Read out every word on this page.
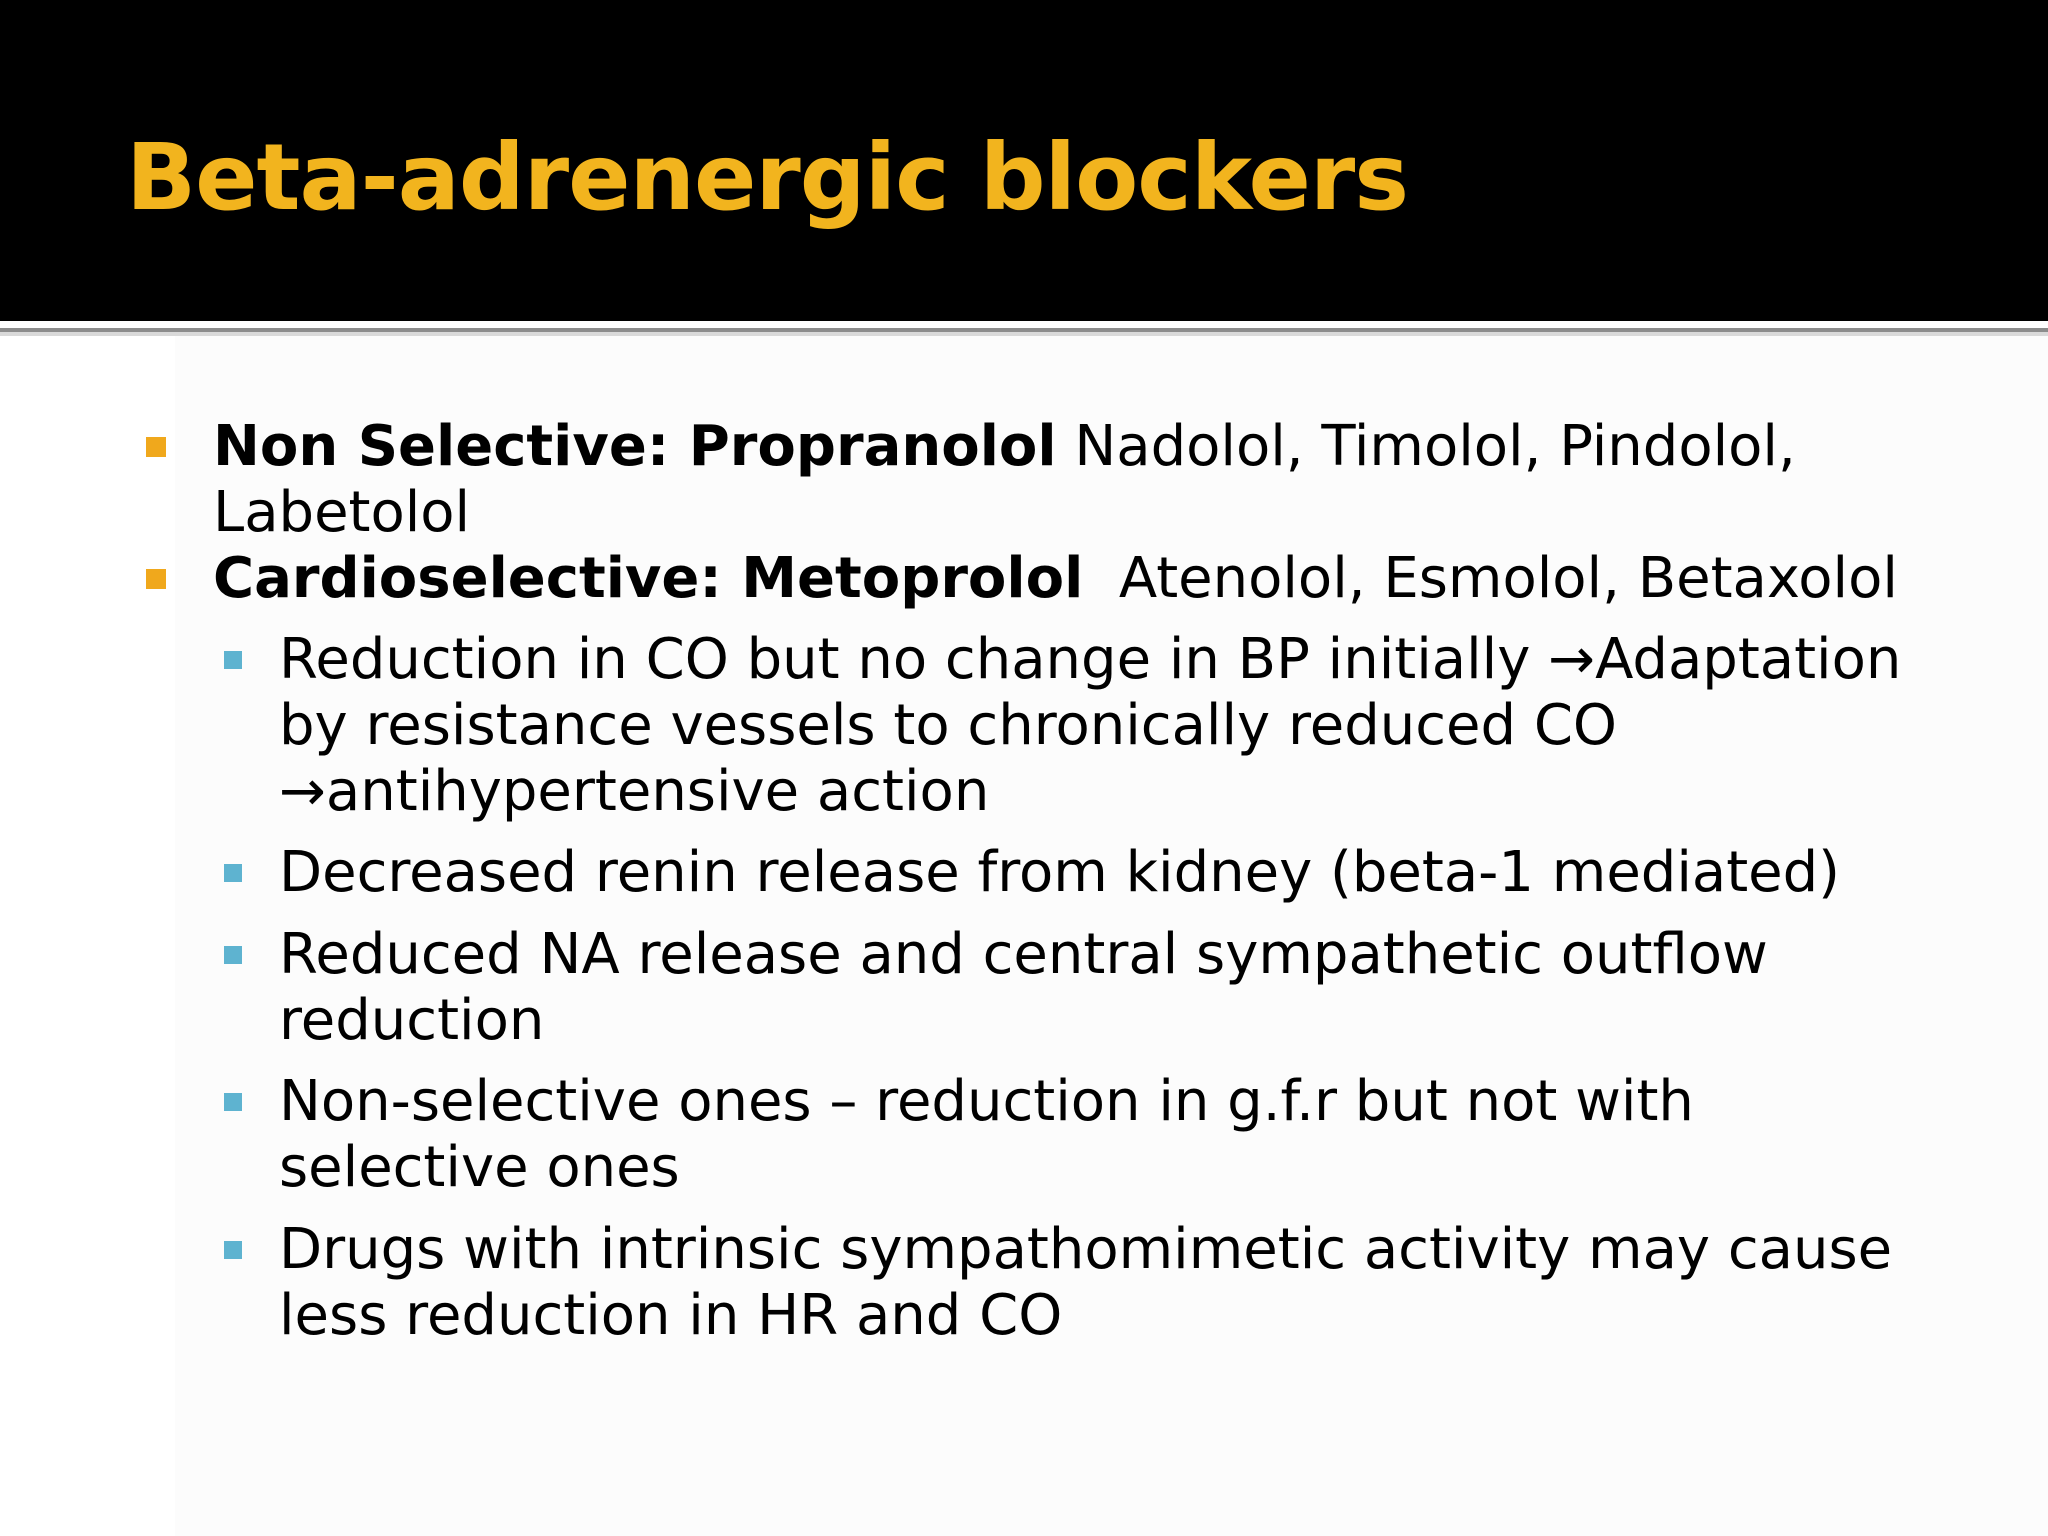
Beta-adrenergic blockers
Non Selective: Propranolol Nadolol, Timolol, Pindolol, Labetolol
Cardioselective: Metoprolol  Atenolol, Esmolol, Betaxolol
Reduction in CO but no change in BP initially →Adaptation by resistance vessels to chronically reduced CO →antihypertensive action
Decreased renin release from kidney (beta-1 mediated)
Reduced NA release and central sympathetic outflow reduction
Non-selective ones – reduction in g.f.r but not with selective ones
Drugs with intrinsic sympathomimetic activity may cause less reduction in HR and CO
